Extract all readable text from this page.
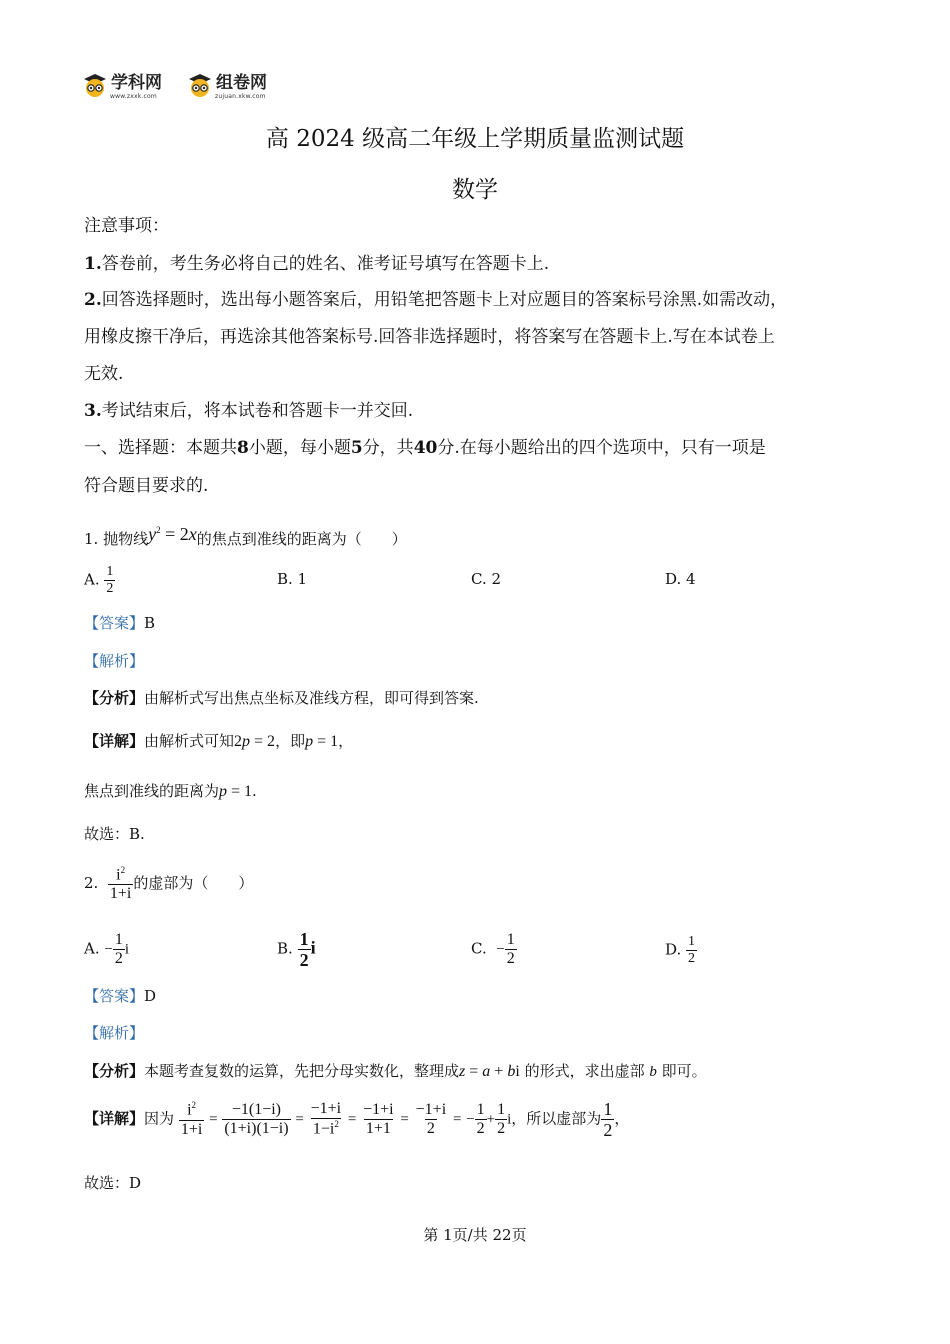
学科网
www.zxxk.com
组卷网
zujuan.xkw.com
高 2024 级高二年级上学期质量监测试题
数学
注意事项：
1.答卷前，考生务必将自己的姓名、准考证号填写在答题卡上.
2.回答选择题时，选出每小题答案后，用铅笔把答题卡上对应题目的答案标号涂黑.如需改动，
用橡皮擦干净后，再选涂其他答案标号.回答非选择题时，将答案写在答题卡上.写在本试卷上
无效.
3.考试结束后，将本试卷和答题卡一并交回.
一、选择题：本题共8小题，每小题5分，共40分.在每小题给出的四个选项中，只有一项是
符合题目要求的.
1. 抛物线$y^2 = 2x$的焦点到准线的距离为（　　）
A. $\frac{1}{2}$	B. 1	C. 2	D. 4
【答案】B
【解析】
【分析】由解析式写出焦点坐标及准线方程，即可得到答案.
【详解】由解析式可知2p = 2，即p = 1，
焦点到准线的距离为p = 1.
故选：B.
2. $\frac{i^2}{1+i}$ 的虚部为（　　）
A. − $\frac{1}{2}$ i	B. $\frac{1}{2}$ i	C. − $\frac{1}{2}$	D. $\frac{1}{2}$
【答案】D
【解析】
【分析】本题考查复数的运算，先把分母实数化，整理成z = a + bi 的形式，求出虚部 b 即可。
【详解】因为 $\frac{i^2}{1+i} = \frac{-1(1-i)}{(1+i)(1-i)} = \frac{-1+i}{1-i^2} = \frac{-1+i}{1+1} = \frac{-1+i}{2}$ = − $\frac{1}{2} + \frac{1}{2}$ i，所以虚部为 $\frac{1}{2}$ ，
故选：D
第 1页/共 22页
